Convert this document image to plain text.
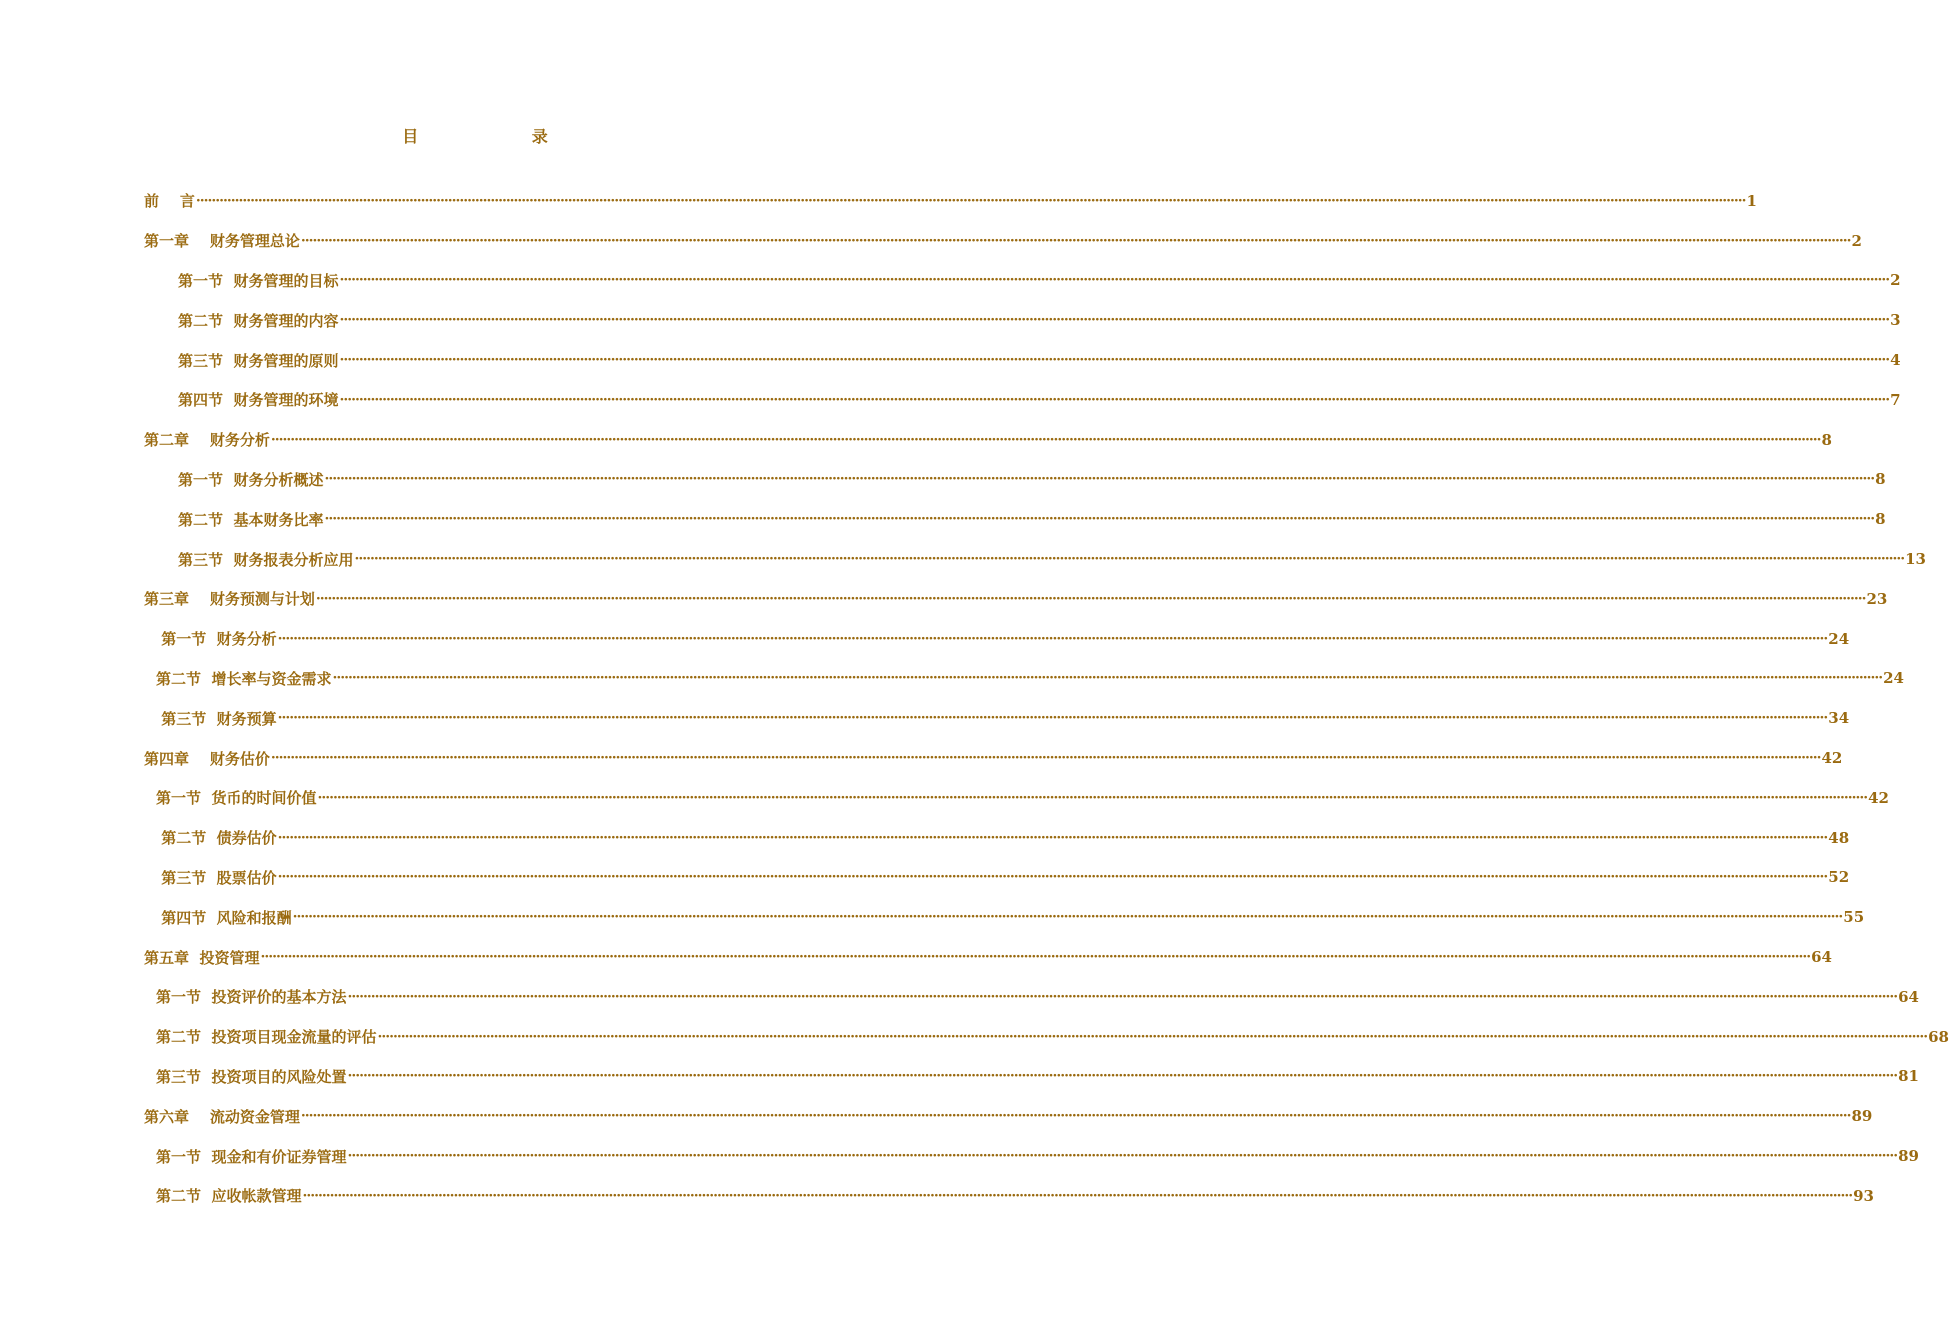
目 录
前    言 ················································································································································································································································································································································································································ 1
第一章    财务管理总论 ················································································································································································································································································································································································································ 2
第一节  财务管理的目标 ················································································································································································································································································································································································································ 2
第二节  财务管理的内容 ················································································································································································································································································································································································································ 3
第三节  财务管理的原则 ················································································································································································································································································································································································································ 4
第四节  财务管理的环境 ················································································································································································································································································································································································································ 7
第二章    财务分析 ················································································································································································································································································································································································································ 8
第一节  财务分析概述 ················································································································································································································································································································································································································ 8
第二节  基本财务比率 ················································································································································································································································································································································································································ 8
第三节  财务报表分析应用 ················································································································································································································································································································································································································ 13
第三章    财务预测与计划 ················································································································································································································································································································································································································ 23
第一节  财务分析 ················································································································································································································································································································································································································ 24
第二节  增长率与资金需求 ················································································································································································································································································································································································································ 24
第三节  财务预算 ················································································································································································································································································································································································································ 34
第四章    财务估价 ················································································································································································································································································································································································································ 42
第一节  货币的时间价值 ················································································································································································································································································································································································································ 42
第二节  债券估价 ················································································································································································································································································································································································································ 48
第三节  股票估价 ················································································································································································································································································································································································································ 52
第四节  风险和报酬 ················································································································································································································································································································································································································ 55
第五章  投资管理 ················································································································································································································································································································································································································ 64
第一节  投资评价的基本方法 ················································································································································································································································································································································································································ 64
第二节  投资项目现金流量的评估 ················································································································································································································································································································································································································ 68
第三节  投资项目的风险处置 ················································································································································································································································································································································································································ 81
第六章    流动资金管理 ················································································································································································································································································································································································································ 89
第一节  现金和有价证券管理 ················································································································································································································································································································································································································ 89
第二节  应收帐款管理 ················································································································································································································································································································································································································ 93
